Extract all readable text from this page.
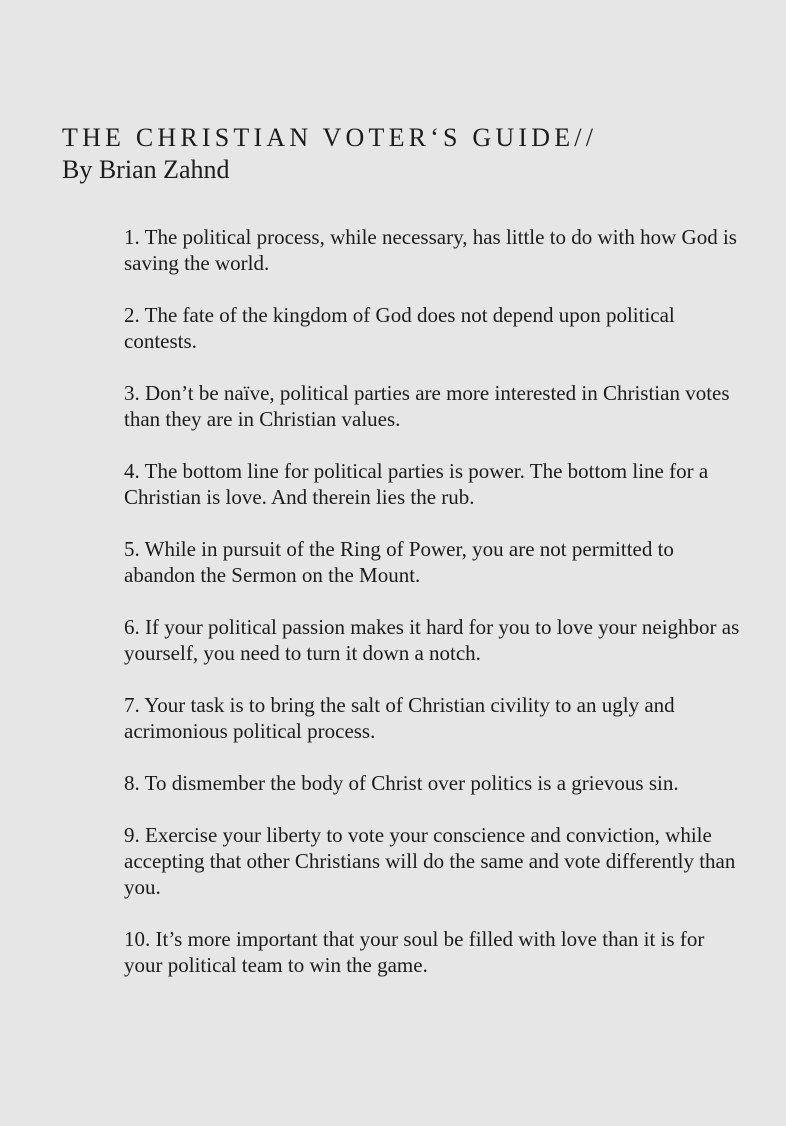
THE CHRISTIAN VOTER‘S GUIDE//
By Brian Zahnd
1. The political process, while necessary, has little to do with how God is saving the world.
2. The fate of the kingdom of God does not depend upon political contests.
3. Don’t be naïve, political parties are more interested in Christian votes than they are in Christian values.
4. The bottom line for political parties is power. The bottom line for a Christian is love. And therein lies the rub.
5. While in pursuit of the Ring of Power, you are not permitted to abandon the Sermon on the Mount.
6. If your political passion makes it hard for you to love your neighbor as yourself, you need to turn it down a notch.
7. Your task is to bring the salt of Christian civility to an ugly and acrimonious political process.
8. To dismember the body of Christ over politics is a grievous sin.
9. Exercise your liberty to vote your conscience and conviction, while accepting that other Christians will do the same and vote differently than you.
10. It’s more important that your soul be filled with love than it is for your political team to win the game.
